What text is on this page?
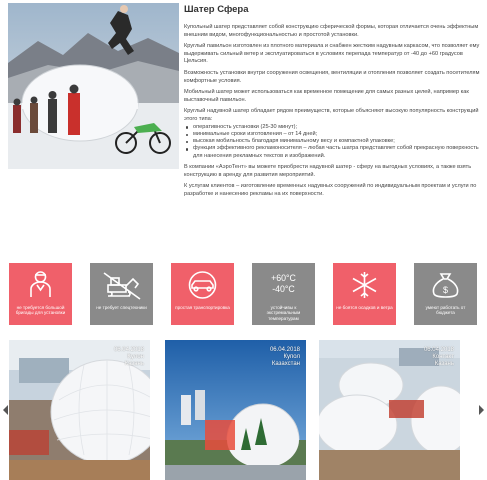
Шатер Сфера

Купольный шатер представляет собой конструкцию сферической формы, которая отличается очень эффектным внешним видом, многофункциональностью и простотой установки.

Круглый павильон изготовлен из плотного материала и снабжен жестким надувным каркасом, что позволяет ему выдерживать сильный ветер и эксплуатироваться в условиях перепада температур от -40 до +60 градусов Цельсия.

Возможность установки внутри сооружения освещения, вентиляции и отопления позволяет создать посетителям комфортные условия.

Мобильный шатер может использоваться как временное помещение для самых разных целей, например как выставочный павильон.

Круглый надувной шатер обладает рядом преимуществ, которые объясняют высокую популярность конструкций этого типа:

оперативность установки (25-30 минут);
минимальные сроки изготовления – от 14 дней;
высокая мобильность благодаря минимальному весу и компактной упаковке;
функция эффективного рекламоносителя – любая часть шатра представляет собой прекрасную поверхность для нанесения рекламных текстов и изображений.

В компании «АэроТент» вы можете приобрести надувной шатер - сферу на выгодных условиях, а также взять конструкцию в аренду для развития мероприятий.

К услугам клиентов – изготовление временных надувных сооружений по индивидуальным проектам и услуги по разработке и нанесению рекламы на их поверхности.

не требуется большой бригады для установки
не требует спецтехники	простая транспортировка
+60°C
-40°C
устойчивы к экстремальным температурам
не боятся осадков и ветра
$
умеют работать от бюджета
06.04.2018
Кулон
Казань
06.04.2018
Купол
Казахстан
06.04.2018
Контакт
Казань
